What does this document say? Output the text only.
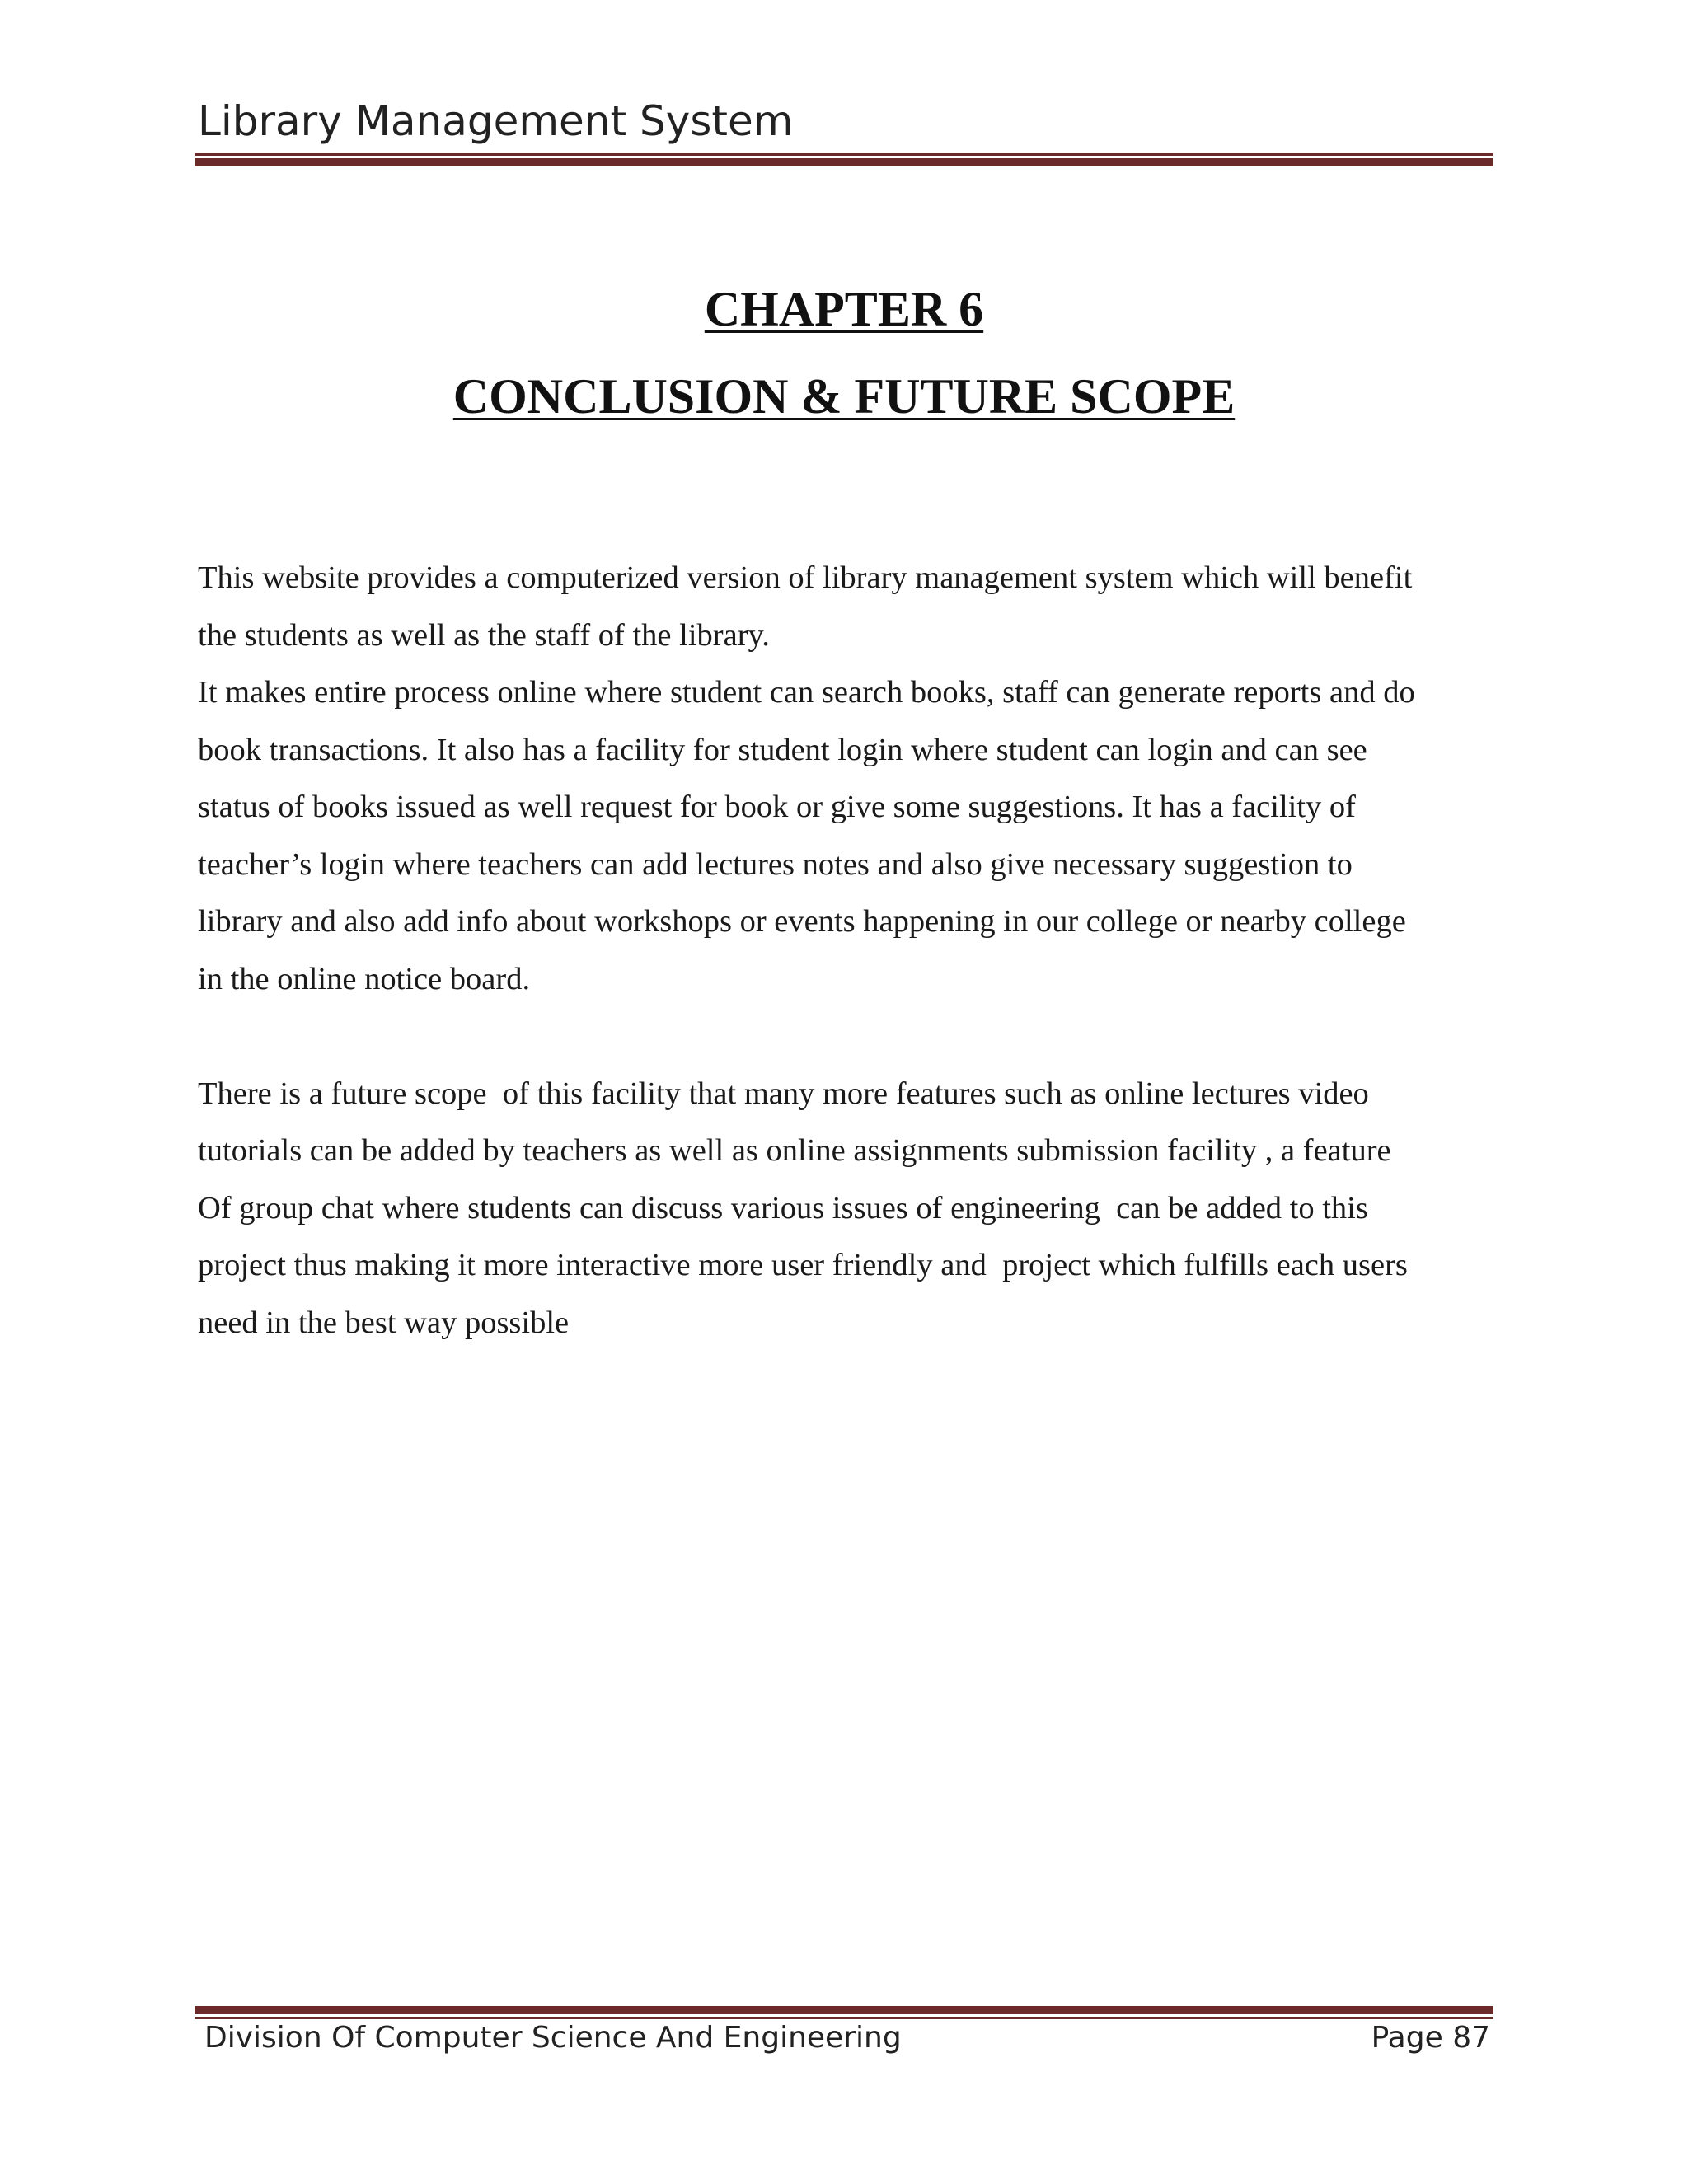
Library Management System
CHAPTER 6
CONCLUSION & FUTURE SCOPE

This website provides a computerized version of library management system which will benefit

the students as well as the staff of the library.

It makes entire process online where student can search books, staff can generate reports and do

book transactions. It also has a facility for student login where student can login and can see

status of books issued as well request for book or give some suggestions. It has a facility of

teacher’s login where teachers can add lectures notes and also give necessary suggestion to

library and also add info about workshops or events happening in our college or nearby college

in the online notice board.

There is a future scope  of this facility that many more features such as online lectures video

tutorials can be added by teachers as well as online assignments submission facility , a feature

Of group chat where students can discuss various issues of engineering  can be added to this

project thus making it more interactive more user friendly and  project which fulfills each users

need in the best way possible

Division Of Computer Science And Engineering	Page 87
